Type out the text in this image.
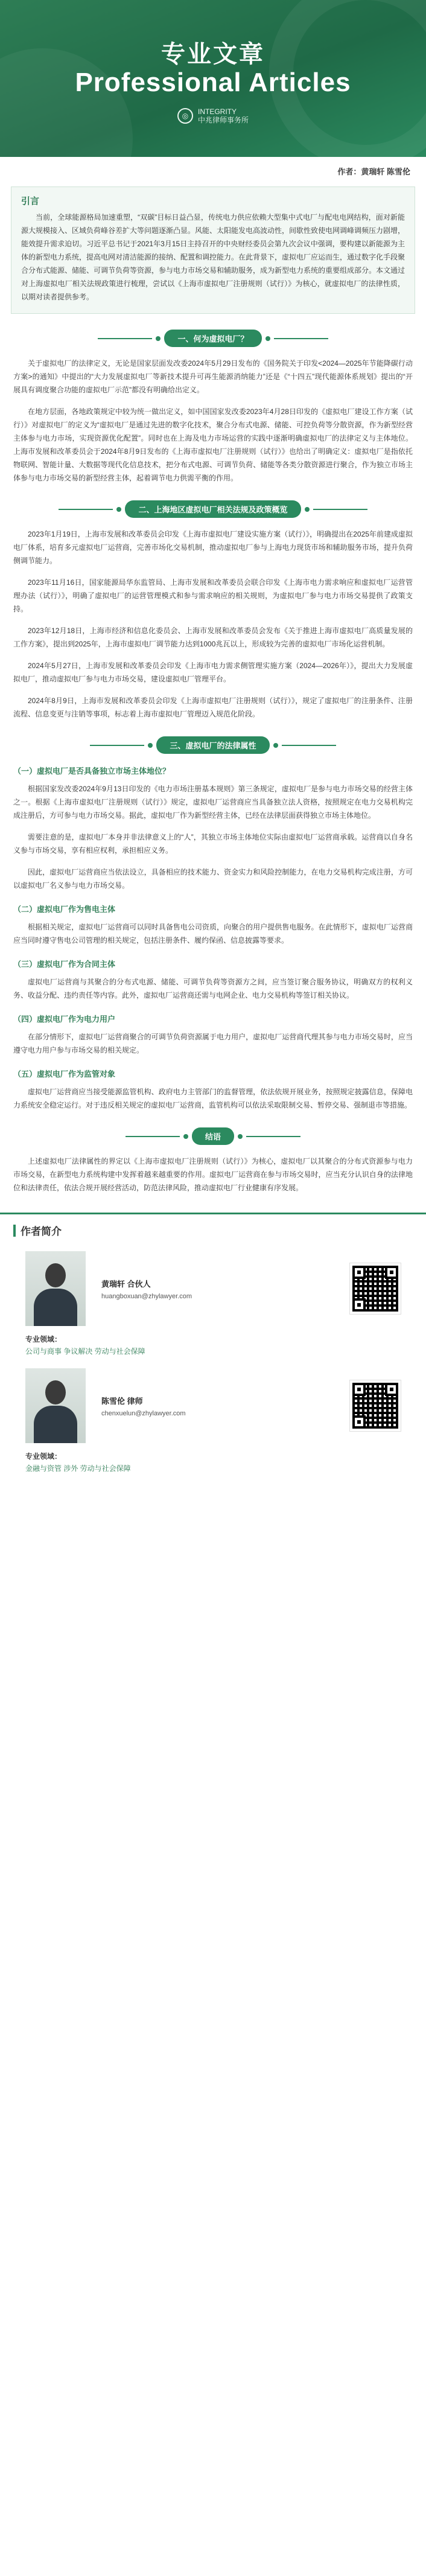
专业文章
Professional Articles
◎
INTEGRITY
中兆律师事务所
作者：黄瑞轩 陈雪伦
引言

当前，全球能源格局加速重塑，“双碳”目标日益凸显，传统电力供应依赖大型集中式电厂与配电电网结构，面对新能源大规模接入、区域负荷峰谷差扩大等问题逐渐凸显。风能、太阳能发电高波动性，间歇性致使电网调峰调频压力剧增，能效提升需求迫切。习近平总书记于2021年3月15日主持召开的中央财经委员会第九次会议中强调，要构建以新能源为主体的新型电力系统，提高电网对清洁能源的接纳、配置和调控能力。在此背景下，虚拟电厂应运而生，通过数字化手段聚合分布式能源、储能、可调节负荷等资源，参与电力市场交易和辅助服务，成为新型电力系统的重要组成部分。本文通过对上海虚拟电厂相关法规政策进行梳理，尝试以《上海市虚拟电厂注册规则（试行）》为核心，就虚拟电厂的法律性质，以期对读者提供参考。

一、何为虚拟电厂？

关于虚拟电厂的法律定义，无论是国家层面发改委2024年5月29日发布的《国务院关于印发<2024—2025年节能降碳行动方案>的通知》中提出的“大力发展虚拟电厂等新技术提升可再生能源消纳能力”还是《“十四五”现代能源体系规划》提出的“开展具有调度聚合功能的虚拟电厂示范”都没有明确给出定义。

在地方层面，各地政策规定中较为统一做出定义，如中国国家发改委2023年4月28日印发的《虚拟电厂建设工作方案（试行）》对虚拟电厂的定义为“虚拟电厂是通过先进的数字化技术，聚合分布式电源、储能、可控负荷等分散资源，作为新型经营主体参与电力市场，实现资源优化配置”。同时也在上海及电力市场运营的实践中逐渐明确虚拟电厂的法律定义与主体地位。上海市发展和改革委员会于2024年8月9日发布的《上海市虚拟电厂注册规则（试行）》也给出了明确定义：虚拟电厂是指依托物联网、智能计量、大数据等现代化信息技术，把分布式电源、可调节负荷、储能等各类分散资源进行聚合，作为独立市场主体参与电力市场交易的新型经营主体，起着调节电力供需平衡的作用。

二、上海地区虚拟电厂相关法规及政策概览

2023年1月19日，上海市发展和改革委员会印发《上海市虚拟电厂建设实施方案（试行）》，明确提出在2025年前建成虚拟电厂体系，培育多元虚拟电厂运营商，完善市场化交易机制，推动虚拟电厂参与上海电力现货市场和辅助服务市场，提升负荷侧调节能力。

2023年11月16日，国家能源局华东监管局、上海市发展和改革委员会联合印发《上海市电力需求响应和虚拟电厂运营管理办法（试行）》，明确了虚拟电厂的运营管理模式和参与需求响应的相关规则，为虚拟电厂参与电力市场交易提供了政策支持。

2023年12月18日，上海市经济和信息化委员会、上海市发展和改革委员会发布《关于推进上海市虚拟电厂高质量发展的工作方案》，提出到2025年，上海市虚拟电厂调节能力达到1000兆瓦以上，形成较为完善的虚拟电厂市场化运营机制。

2024年5月27日，上海市发展和改革委员会印发《上海市电力需求侧管理实施方案（2024—2026年）》，提出大力发展虚拟电厂，推动虚拟电厂参与电力市场交易，建设虚拟电厂管理平台。

2024年8月9日，上海市发展和改革委员会印发《上海市虚拟电厂注册规则（试行）》，规定了虚拟电厂的注册条件、注册流程、信息变更与注销等事项，标志着上海市虚拟电厂管理迈入规范化阶段。

三、虚拟电厂的法律属性
（一）虚拟电厂是否具备独立市场主体地位？

根据国家发改委2024年9月13日印发的《电力市场注册基本规则》第三条规定，虚拟电厂是参与电力市场交易的经营主体之一。根据《上海市虚拟电厂注册规则（试行）》规定，虚拟电厂运营商应当具备独立法人资格，按照规定在电力交易机构完成注册后，方可参与电力市场交易。据此，虚拟电厂作为新型经营主体，已经在法律层面获得独立市场主体地位。

需要注意的是，虚拟电厂本身并非法律意义上的“人”，其独立市场主体地位实际由虚拟电厂运营商承载。运营商以自身名义参与市场交易，享有相应权利，承担相应义务。

因此，虚拟电厂运营商应当依法设立，具备相应的技术能力、资金实力和风险控制能力，在电力交易机构完成注册，方可以虚拟电厂名义参与电力市场交易。

（二）虚拟电厂作为售电主体

根据相关规定，虚拟电厂运营商可以同时具备售电公司资质，向聚合的用户提供售电服务。在此情形下，虚拟电厂运营商应当同时遵守售电公司管理的相关规定，包括注册条件、履约保函、信息披露等要求。

（三）虚拟电厂作为合同主体

虚拟电厂运营商与其聚合的分布式电源、储能、可调节负荷等资源方之间，应当签订聚合服务协议，明确双方的权利义务、收益分配、违约责任等内容。此外，虚拟电厂运营商还需与电网企业、电力交易机构等签订相关协议。

（四）虚拟电厂作为电力用户

在部分情形下，虚拟电厂运营商聚合的可调节负荷资源属于电力用户，虚拟电厂运营商代理其参与电力市场交易时，应当遵守电力用户参与市场交易的相关规定。

（五）虚拟电厂作为监管对象

虚拟电厂运营商应当接受能源监管机构、政府电力主管部门的监督管理，依法依规开展业务，按照规定披露信息，保障电力系统安全稳定运行。对于违反相关规定的虚拟电厂运营商，监管机构可以依法采取限制交易、暂停交易、强制退市等措施。

结语

上述虚拟电厂法律属性的界定以《上海市虚拟电厂注册规则（试行）》为核心，虚拟电厂以其聚合的分布式资源参与电力市场交易，在新型电力系统构建中发挥着越来越重要的作用。虚拟电厂运营商在参与市场交易时，应当充分认识自身的法律地位和法律责任，依法合规开展经营活动，防范法律风险，推动虚拟电厂行业健康有序发展。

作者简介
黄瑞轩 合伙人
huangboxuan@zhylawyer.com
专业领域：
公司与商事 争议解决 劳动与社会保障
陈雪伦 律师
chenxuelun@zhylawyer.com
专业领域：
金融与资管 涉外 劳动与社会保障
